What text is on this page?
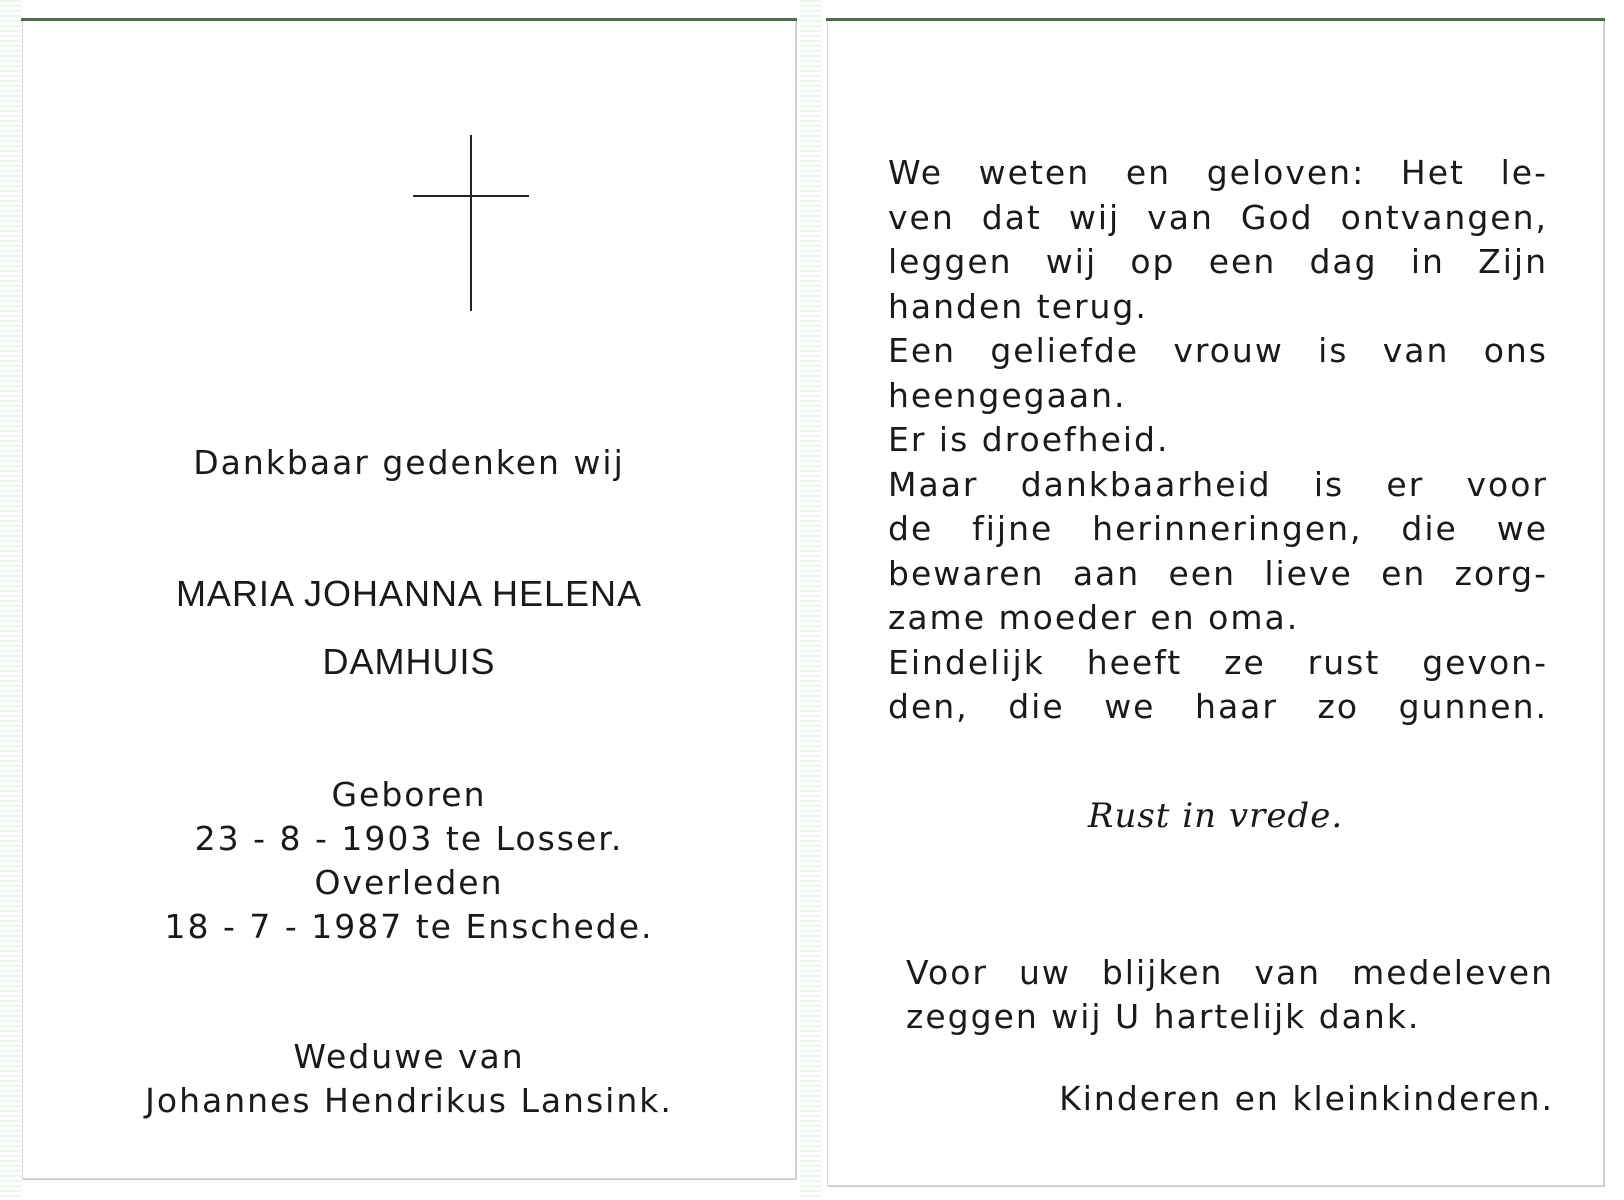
Dankbaar gedenken wij
MARIA JOHANNA HELENA
DAMHUIS
Geboren
23 - 8 - 1903 te Losser.
Overleden
18 - 7 - 1987 te Enschede.
Weduwe van
Johannes Hendrikus Lansink.
We weten en geloven: Het le-
ven dat wij van God ontvangen,
leggen wij op een dag in Zijn
handen terug.
Een geliefde vrouw is van ons
heengegaan.
Er is droefheid.
Maar dankbaarheid is er voor
de fijne herinneringen, die we
bewaren aan een lieve en zorg-
zame moeder en oma.
Eindelijk heeft ze rust gevon-
den, die we haar zo gunnen.
Rust in vrede.
Voor uw blijken van medeleven
zeggen wij U hartelijk dank.
Kinderen en kleinkinderen.
